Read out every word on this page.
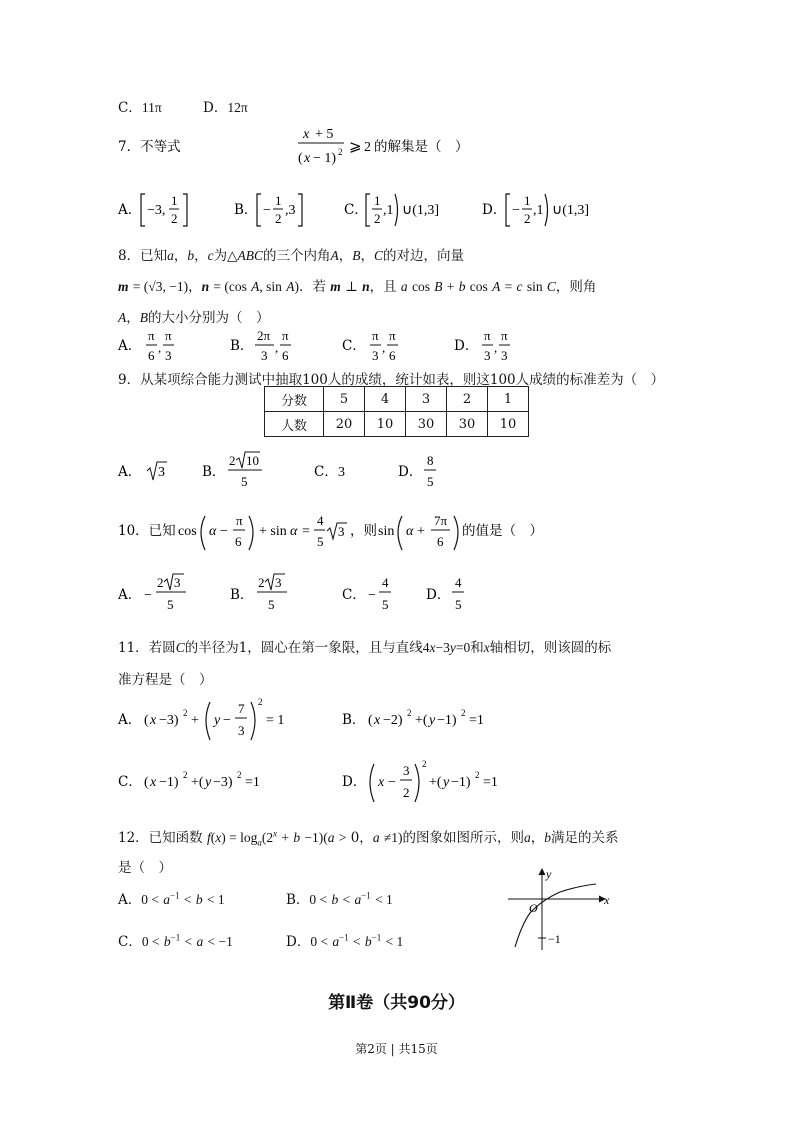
C．11π	D．12π
7．不等式
x + 5
( x − 1) 2 ⩾ 2 的解集是（　）
A． −3,
1
2
B． −
1
2
,3	C．
1
2
,1 ∪(1,3]	D． −
1
2
,1 ∪(1,3]
8．已知a，b，c为△ABC的三个内角A，B，C的对边，向量
m = (√3, −1)，n = (cos A, sin A)．若 m ⊥ n，且 a cos B + b cos A = c sin C，则角
A，B的大小分别为（　）
A．
π
6
,
π
3
B．
2π
3
,
π
6
C．
π
3
,
π
6
D．
π
3
,
π
3
9．从某项综合能力测试中抽取100人的成绩，统计如表，则这100人成绩的标准差为（　）
分数	5	4	3	2	1
人数	20	10	30	30	10
A． 3	B．
2 10
5
C． 3	D．
8
5
10．已知 cos α −
π
6
+ sin α =
4
5
3 ，则 sin α +
7π
6
的值是（　）
A． −
2 3
5
B．
2 3
5
C． −
4
5
D．
4
5
11．若圆C的半径为1，圆心在第一象限，且与直线4x−3y=0和x轴相切，则该圆的标
准方程是（　）
A． ( x −3) 2 + y −
7
3
2
= 1	B． ( x −2) 2 +( y −1) 2 =1
C． ( x −1) 2 +( y −3) 2 =1	D． x −
3
2
2
+( y −1) 2 =1
12．已知函数 $f(x) = \log_a(2^x + b -1)(a > 0$，a ≠1)的图象如图所示，则a，b满足的关系
是（　）
A．$0 < a^{-1} < b < 1$	B．$0 < b < a^{-1} < 1$
C．$0 < b^{-1} < a < -1$	D．$0 < a^{-1} < b^{-1} < 1$
x
y
O
−1
第Ⅱ卷（共90分）
第2页 | 共15页
